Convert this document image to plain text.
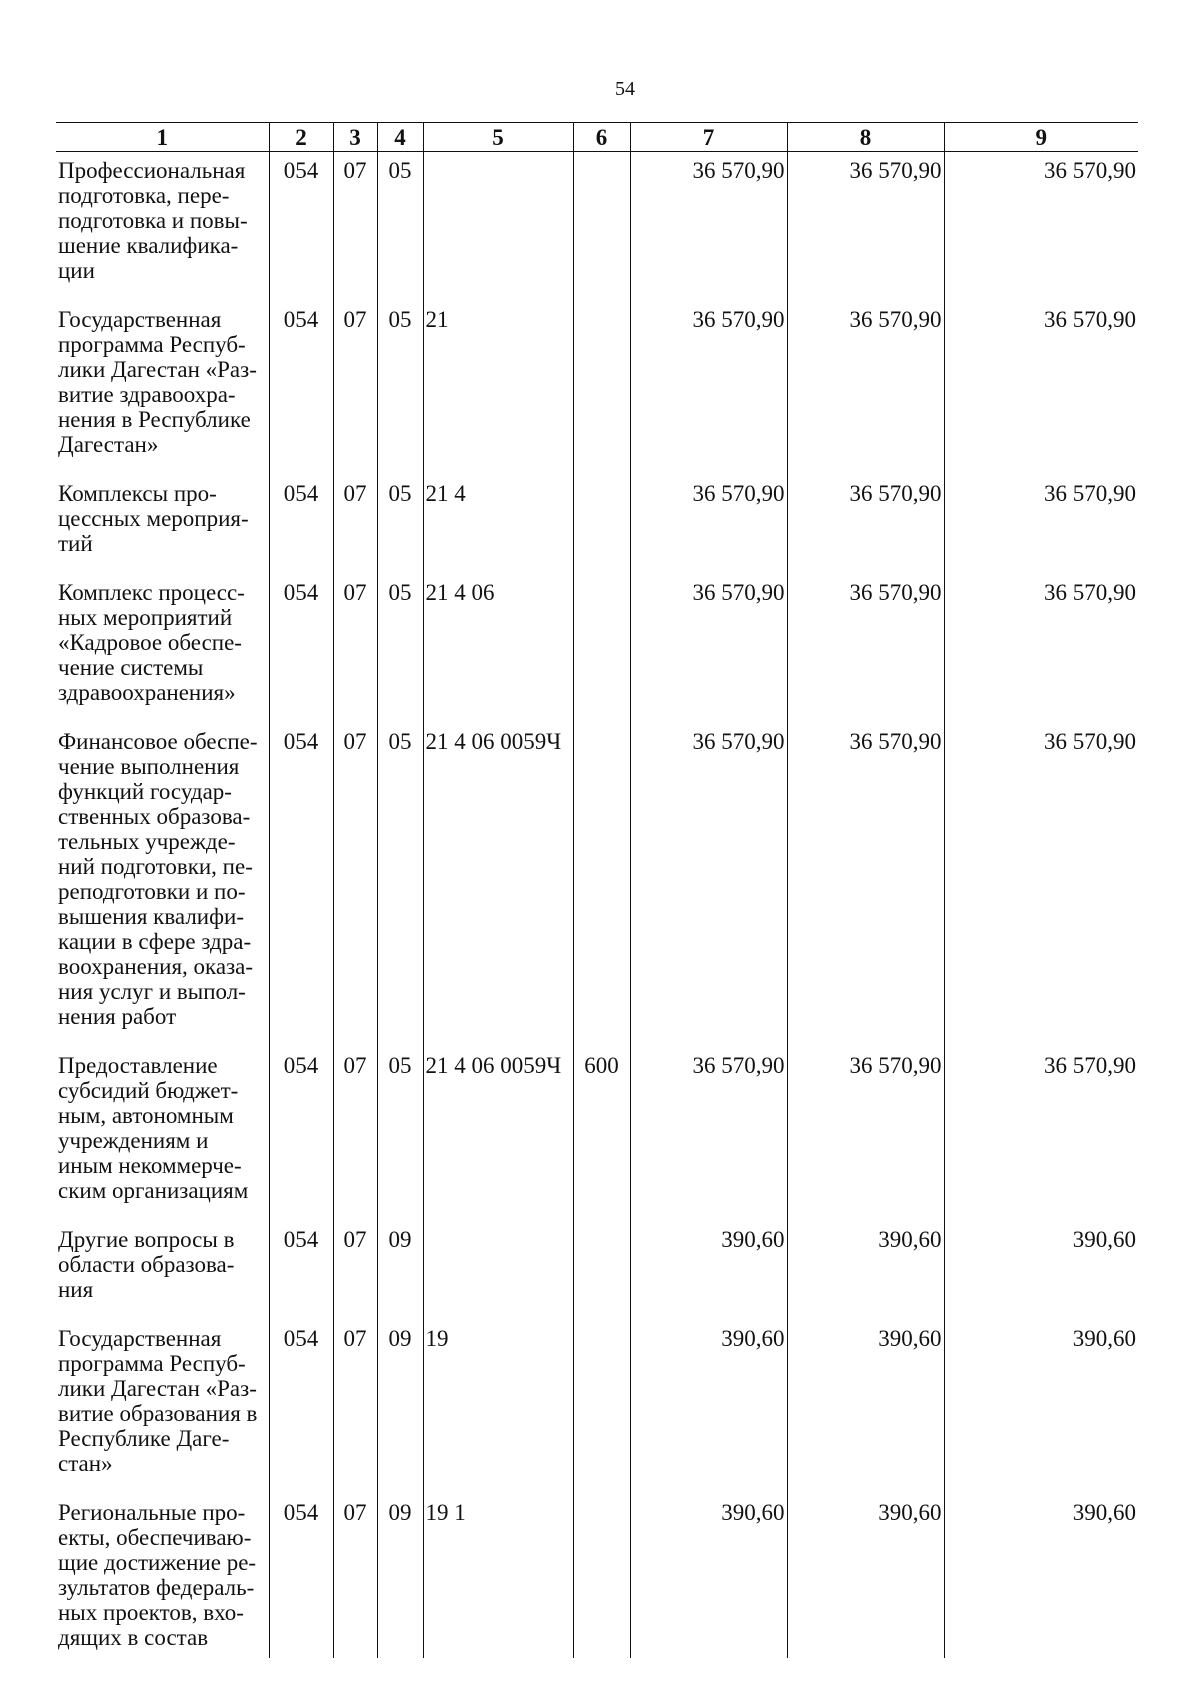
54
1	2	3	4	5	6	7	8	9
Профессиональная подготовка, пере-подготовка и повы-шение квалифика-ции	054	07	05			36 570,90	36 570,90	36 570,90
Государственная программа Респуб-лики Дагестан «Раз-витие здравоохра-нения в Республике Дагестан»	054	07	05	21		36 570,90	36 570,90	36 570,90
Комплексы про-цессных мероприя-тий	054	07	05	21 4		36 570,90	36 570,90	36 570,90
Комплекс процесс-ных мероприятий «Кадровое обеспе-чение системы здравоохранения»	054	07	05	21 4 06		36 570,90	36 570,90	36 570,90
Финансовое обеспе-чение выполнения функций государ-ственных образова-тельных учрежде-ний подготовки, пе-реподготовки и по-вышения квалифи-кации в сфере здра-воохранения, оказа-ния услуг и выпол-нения работ	054	07	05	21 4 06 0059Ч		36 570,90	36 570,90	36 570,90
Предоставление субсидий бюджет-ным, автономным учреждениям и иным некоммерче-ским организациям	054	07	05	21 4 06 0059Ч	600	36 570,90	36 570,90	36 570,90
Другие вопросы в области образова-ния	054	07	09			390,60	390,60	390,60
Государственная программа Респуб-лики Дагестан «Раз-витие образования в Республике Даге-стан»	054	07	09	19		390,60	390,60	390,60
Региональные про-екты, обеспечиваю-щие достижение ре-зультатов федераль-ных проектов, вхо-дящих в состав	054	07	09	19 1		390,60	390,60	390,60
